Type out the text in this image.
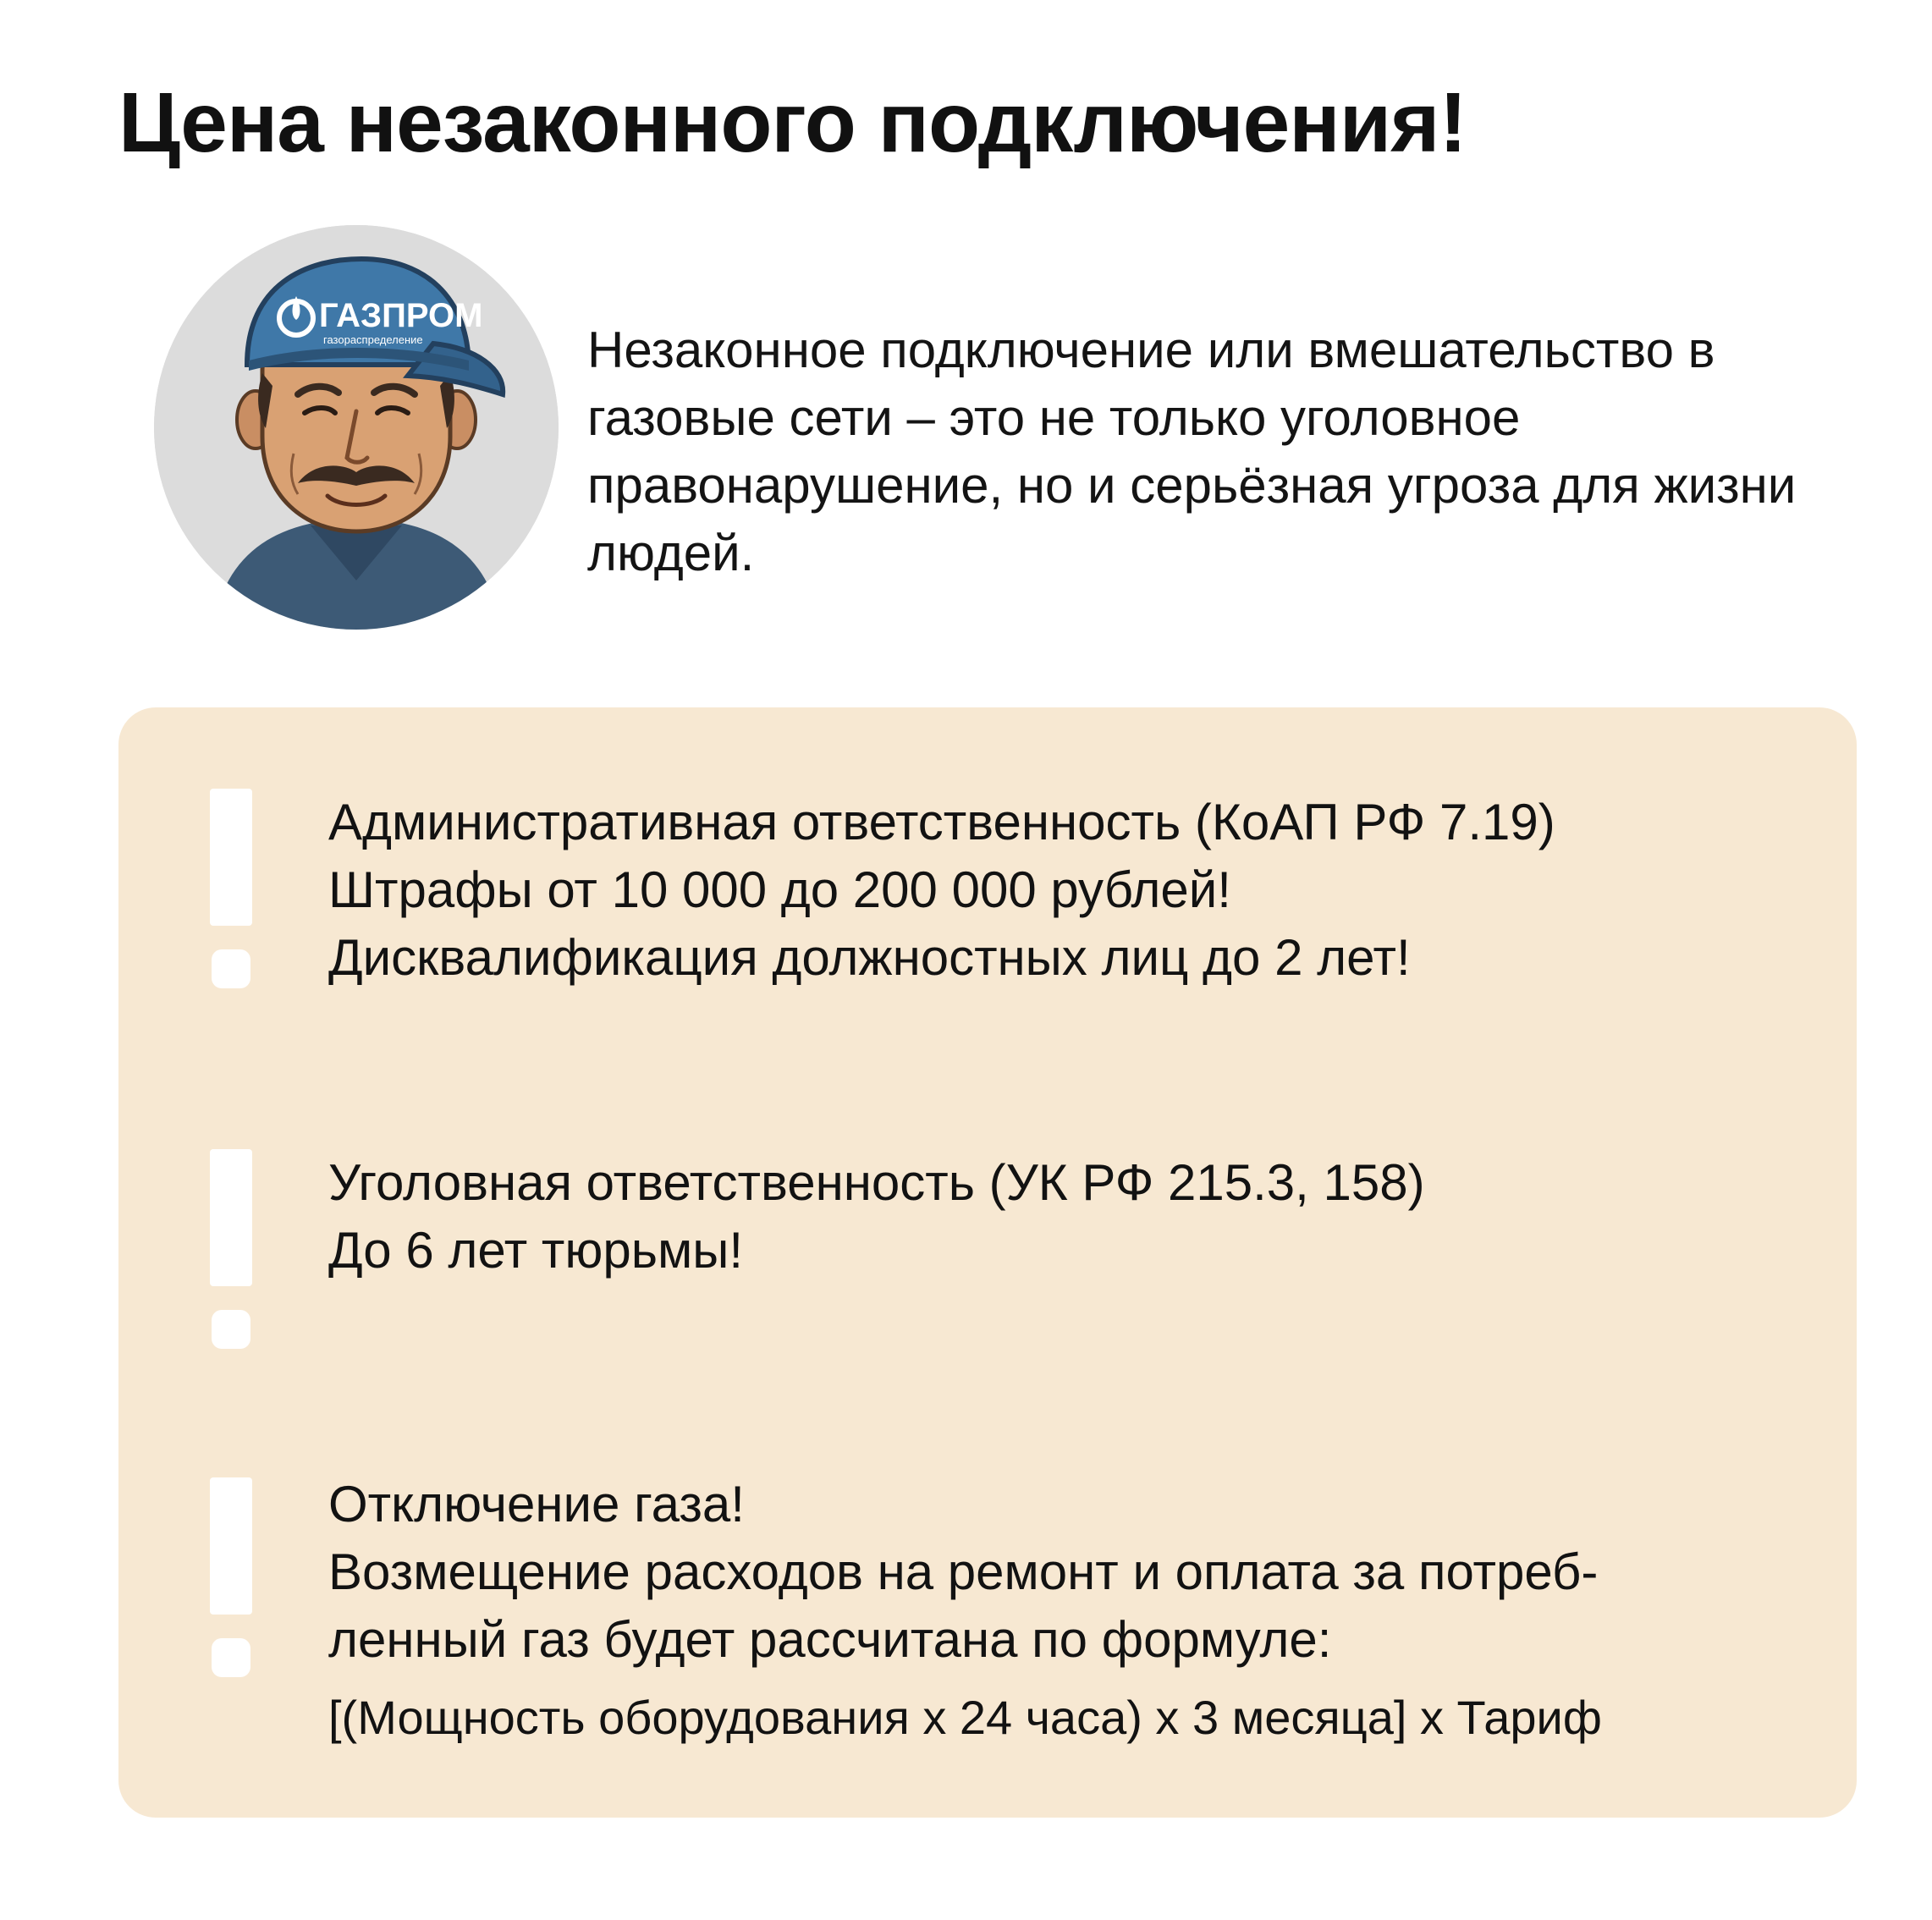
Цена незаконного подключения!
ГАЗПРОМ
газораспределение	Незаконное подключение или вмешательство в газовые сети – это не только уголовное правонарушение, но и серьёзная угроза для жизни людей.

Административная ответственность (КоАП РФ 7.19)
Штрафы от 10 000 до 200 000 рублей!
Дисквалификация должностных лиц до 2 лет!
Уголовная ответственность (УК РФ 215.3, 158)
До 6 лет тюрьмы!
Отключение газа!
Возмещение расходов на ремонт и оплата за потреб-
ленный газ будет рассчитана по формуле:
[(Мощность оборудования х 24 часа) х 3 месяца] х Тариф
